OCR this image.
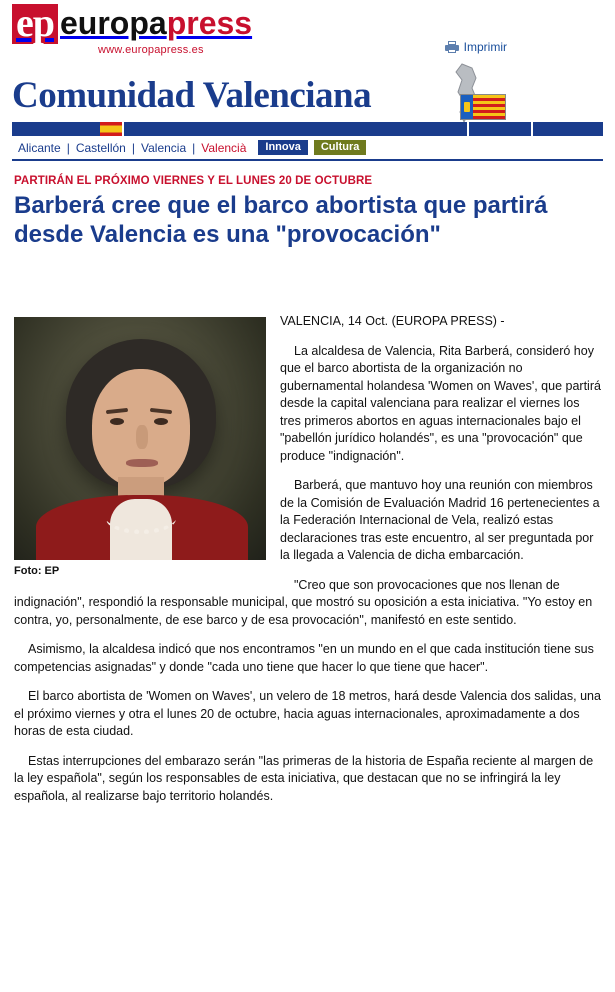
ep europapress
www.europapress.es	Imprimir
Comunidad Valenciana
Alicante | Castellón | Valencia | Valencià	Innova	Cultura
PARTIRÁN EL PRÓXIMO VIERNES Y EL LUNES 20 DE OCTUBRE
Barberá cree que el barco abortista que partirá desde Valencia es una "provocación"
Foto: EP

VALENCIA, 14 Oct. (EUROPA PRESS) -

La alcaldesa de Valencia, Rita Barberá, consideró hoy que el barco abortista de la organización no gubernamental holandesa 'Women on Waves', que partirá desde la capital valenciana para realizar el viernes los tres primeros abortos en aguas internacionales bajo el "pabellón jurídico holandés", es una "provocación" que produce "indignación".

Barberá, que mantuvo hoy una reunión con miembros de la Comisión de Evaluación Madrid 16 pertenecientes a la Federación Internacional de Vela, realizó estas declaraciones tras este encuentro, al ser preguntada por la llegada a Valencia de dicha embarcación.

"Creo que son provocaciones que nos llenan de indignación", respondió la responsable municipal, que mostró su oposición a esta iniciativa. "Yo estoy en contra, yo, personalmente, de ese barco y de esa provocación", manifestó en este sentido.

Asimismo, la alcaldesa indicó que nos encontramos "en un mundo en el que cada institución tiene sus competencias asignadas" y donde "cada uno tiene que hacer lo que tiene que hacer".

El barco abortista de 'Women on Waves', un velero de 18 metros, hará desde Valencia dos salidas, una el próximo viernes y otra el lunes 20 de octubre, hacia aguas internacionales, aproximadamente a dos horas de esta ciudad.

Estas interrupciones del embarazo serán "las primeras de la historia de España reciente al margen de la ley española", según los responsables de esta iniciativa, que destacan que no se infringirá la ley española, al realizarse bajo territorio holandés.
